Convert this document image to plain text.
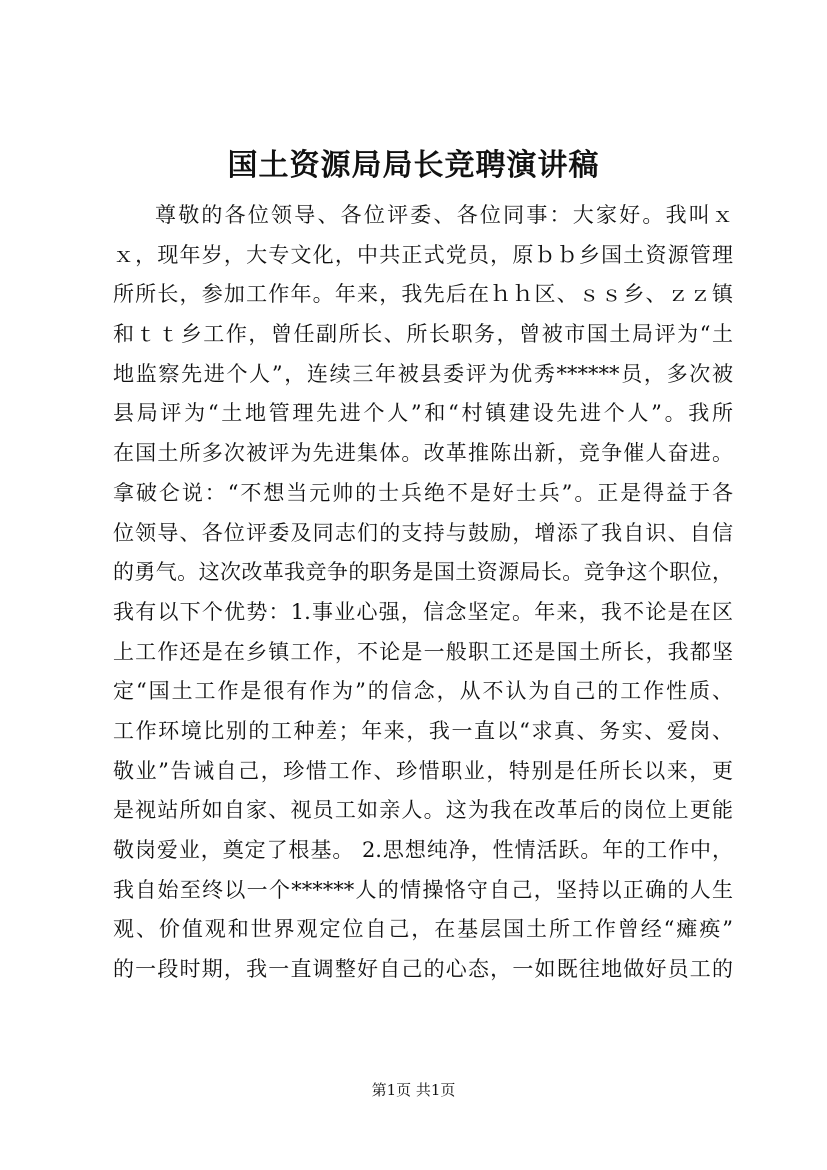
国土资源局局长竞聘演讲稿
尊敬的各位领导、各位评委、各位同事：大家好。我叫ｘ
ｘ，现年岁，大专文化，中共正式党员，原ｂｂ乡国土资源管理
所所长，参加工作年。年来，我先后在ｈｈ区、ｓｓ乡、ｚｚ镇
和ｔｔ乡工作，曾任副所长、所长职务，曾被市国土局评为“土
地监察先进个人”，连续三年被县委评为优秀******员，多次被
县局评为“土地管理先进个人”和“村镇建设先进个人”。我所
在国土所多次被评为先进集体。改革推陈出新，竞争催人奋进。
拿破仑说：“不想当元帅的士兵绝不是好士兵”。正是得益于各
位领导、各位评委及同志们的支持与鼓励，增添了我自识、自信
的勇气。这次改革我竞争的职务是国土资源局长。竞争这个职位，
我有以下个优势：1.事业心强，信念坚定。年来，我不论是在区
上工作还是在乡镇工作，不论是一般职工还是国土所长，我都坚
定“国土工作是很有作为”的信念，从不认为自己的工作性质、
工作环境比别的工种差；年来，我一直以“求真、务实、爱岗、
敬业”告诫自己，珍惜工作、珍惜职业，特别是任所长以来，更
是视站所如自家、视员工如亲人。这为我在改革后的岗位上更能
敬岗爱业，奠定了根基。 2.思想纯净，性情活跃。年的工作中，
我自始至终以一个******人的情操恪守自己，坚持以正确的人生
观、价值观和世界观定位自己，在基层国土所工作曾经“瘫痪”
的一段时期，我一直调整好自己的心态，一如既往地做好员工的
第1页 共1页
